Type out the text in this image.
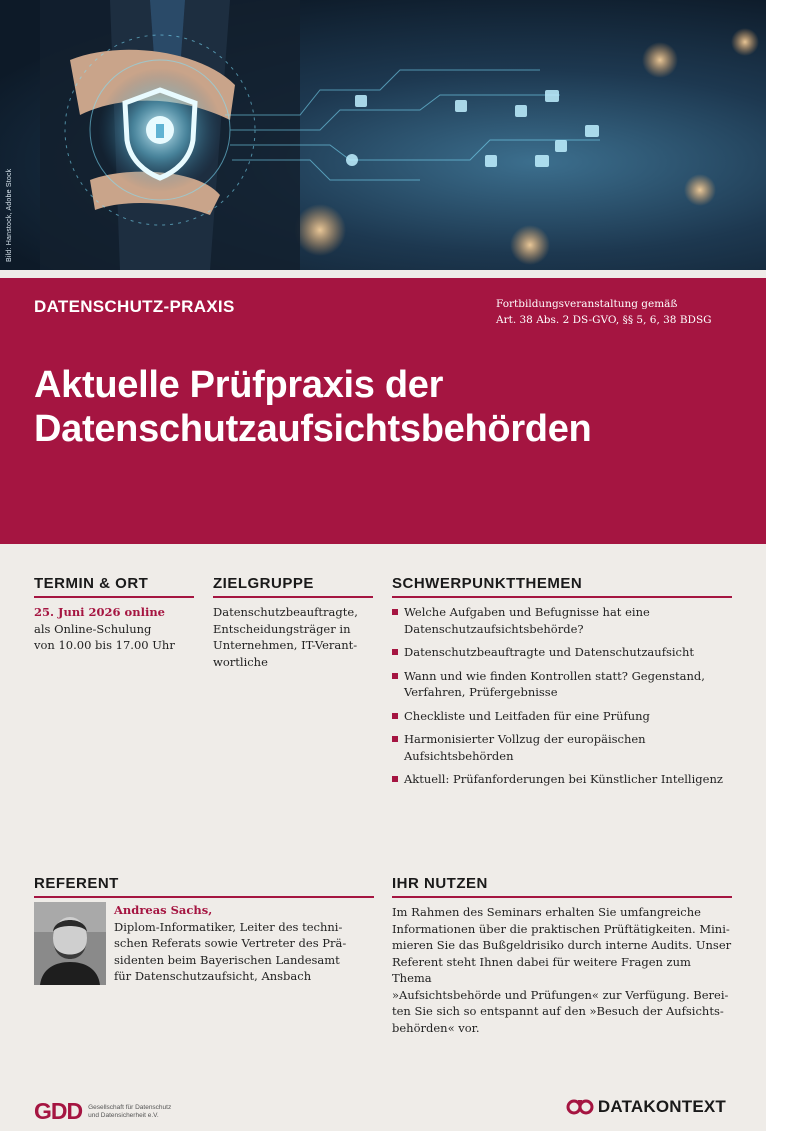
Bild: Hanstock, Adobe Stock
DATENSCHUTZ-PRAXIS	Fortbildungsveranstaltung gemäß
Art. 38 Abs. 2 DS-GVO, §§ 5, 6, 38 BDSG
Aktuelle Prüfpraxis der
Datenschutzaufsichtsbehörden
TERMIN & ORT
25. Juni 2026 online
als Online-Schulung
von 10.00 bis 17.00 Uhr
ZIELGRUPPE
Datenschutzbeauftragte,
Entscheidungsträger in
Unternehmen, IT-Verant-
wortliche
SCHWERPUNKTTHEMEN
Welche Aufgaben und Befugnisse hat eine Datenschutzaufsichtsbehörde?
Datenschutzbeauftragte und Datenschutzaufsicht
Wann und wie finden Kontrollen statt? Gegenstand, Verfahren, Prüfergebnisse
Checkliste und Leitfaden für eine Prüfung
Harmonisierter Vollzug der europäischen Aufsichtsbehörden
Aktuell: Prüfanforderungen bei Künstlicher Intelligenz
REFERENT
Andreas Sachs,
Diplom-Informatiker, Leiter des techni-
schen Referats sowie Vertreter des Prä-
sidenten beim Bayerischen Landesamt
für Datenschutzaufsicht, Ansbach
IHR NUTZEN
Im Rahmen des Seminars erhalten Sie umfangreiche
Informationen über die praktischen Prüftätigkeiten. Mini-
mieren Sie das Bußgeldrisiko durch interne Audits. Unser
Referent steht Ihnen dabei für weitere Fragen zum Thema
»Aufsichtsbehörde und Prüfungen« zur Verfügung. Berei-
ten Sie sich so entspannt auf den »Besuch der Aufsichts-
behörden« vor.
GDD Gesellschaft für Datenschutz
und Datensicherheit e.V.	DATAKONTEXT
